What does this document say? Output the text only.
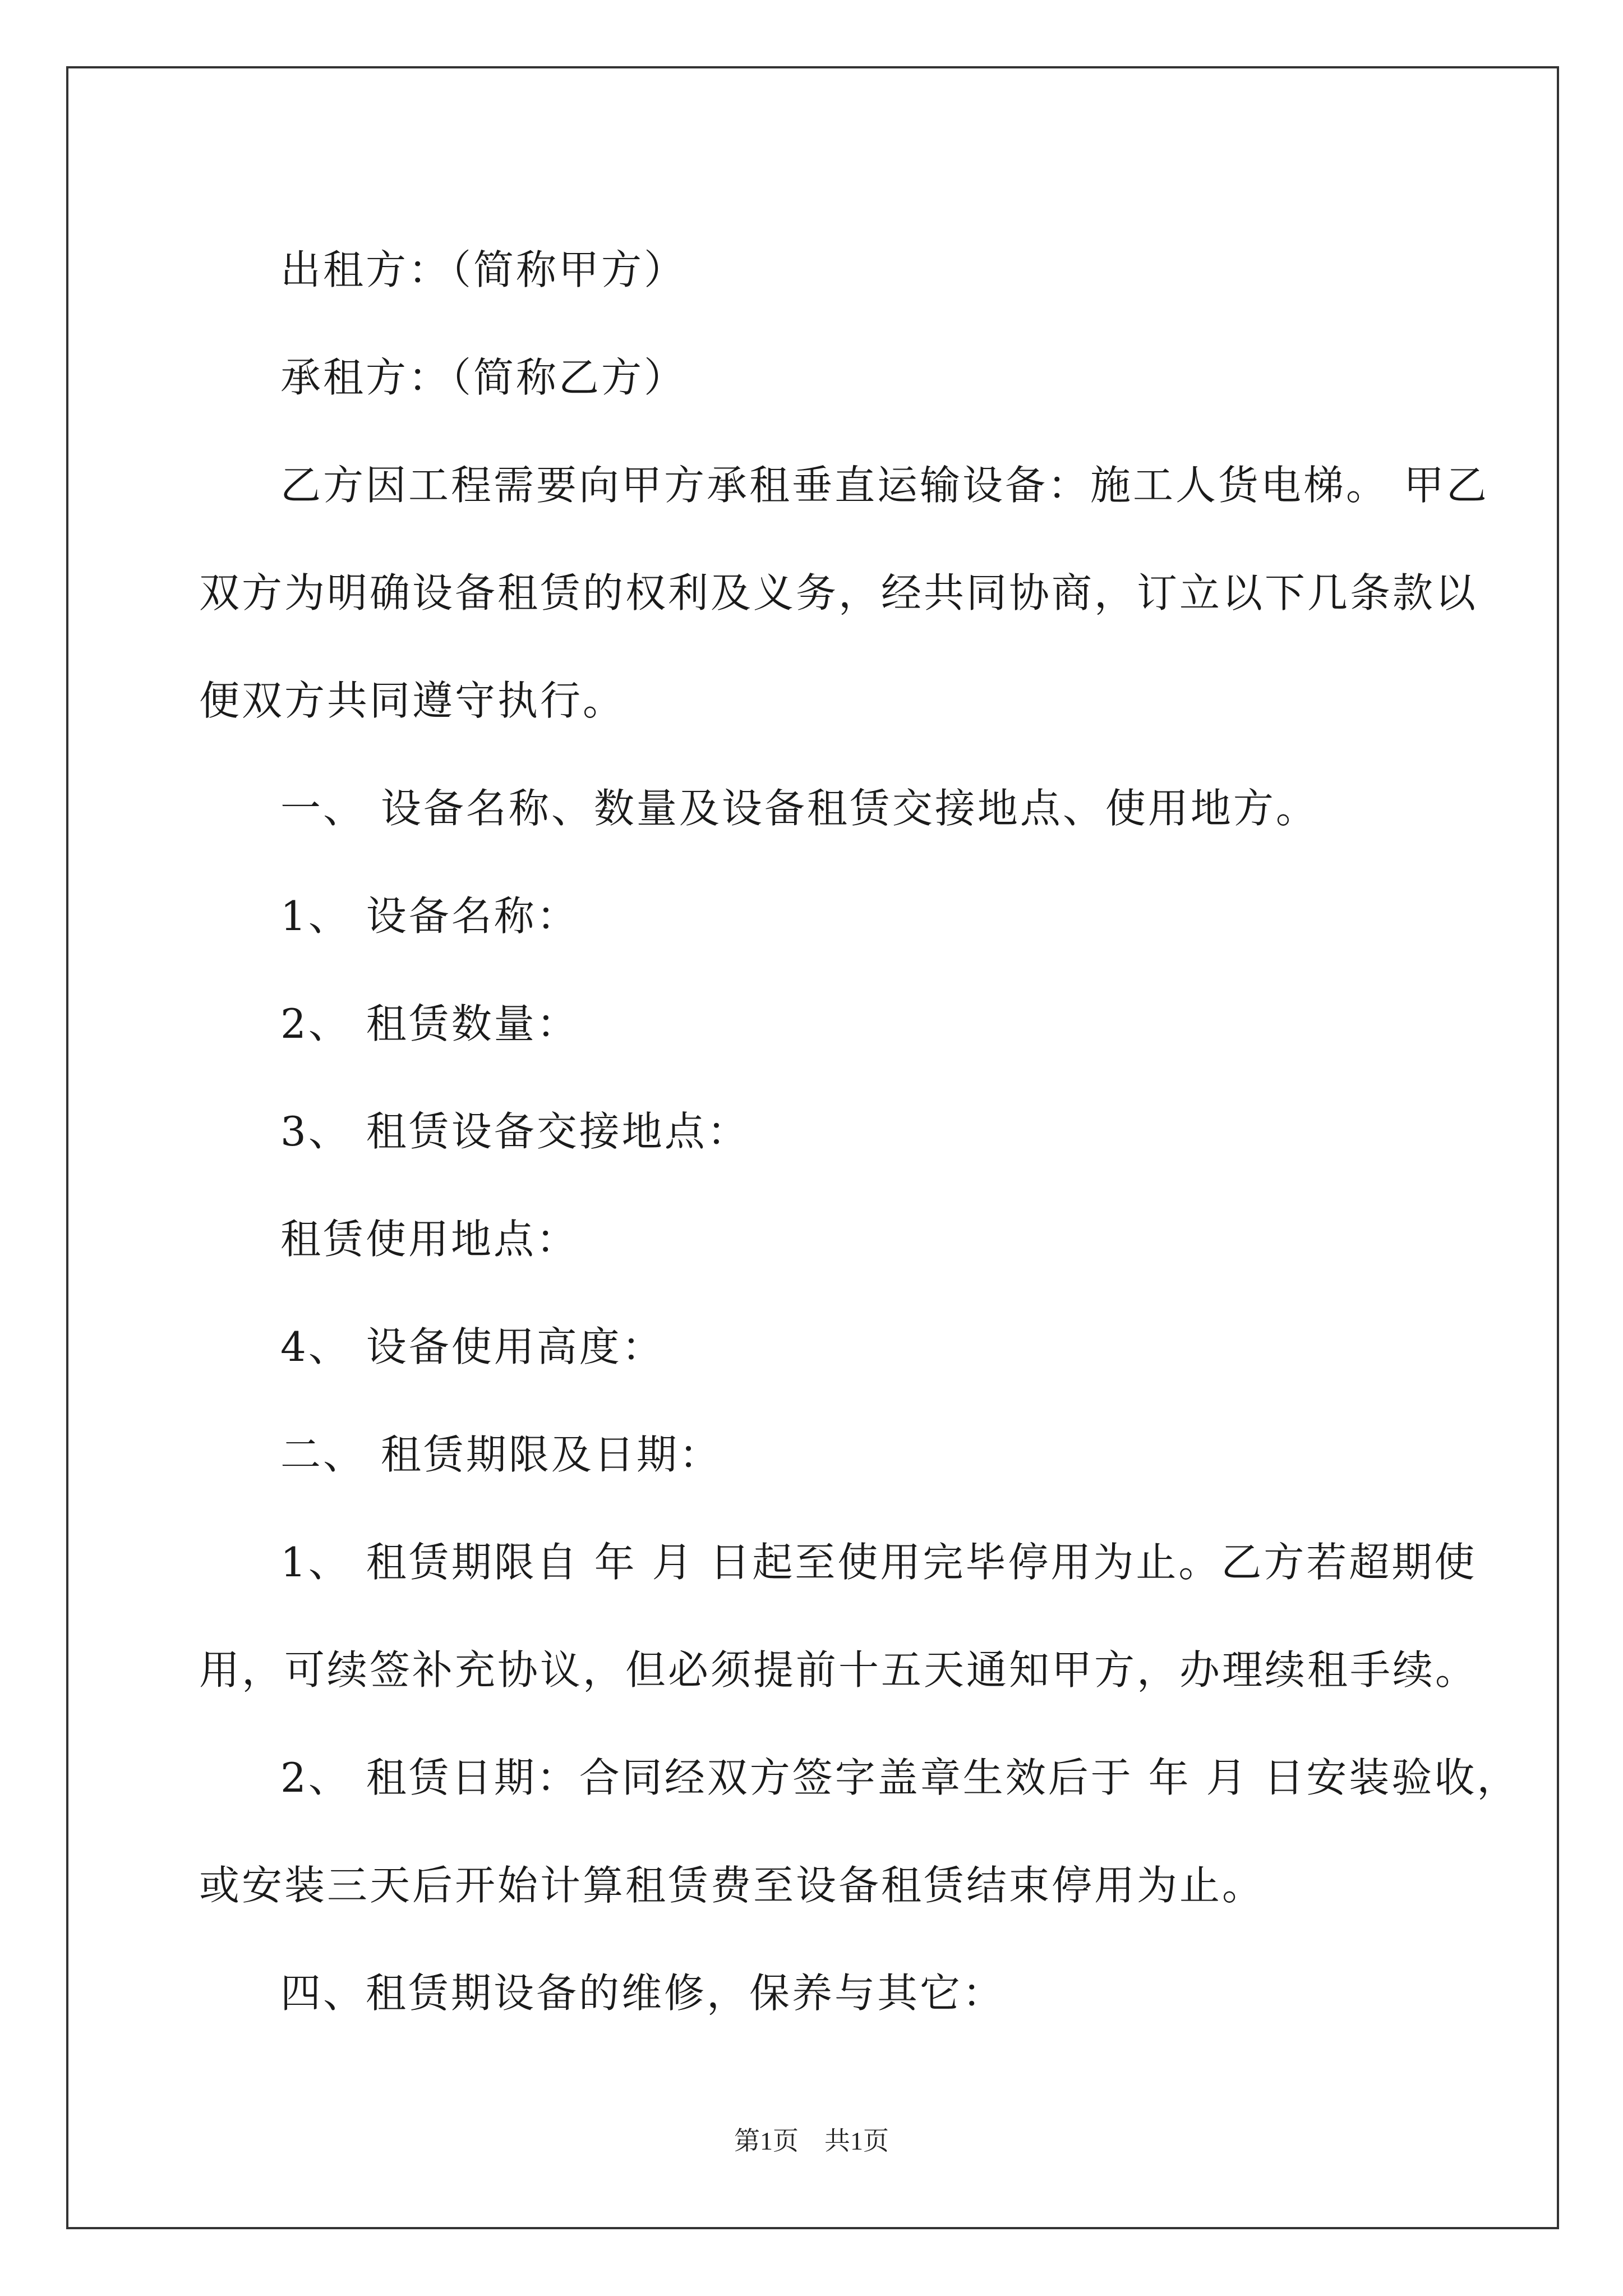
出租方：（简称甲方）

承租方：（简称乙方）

乙方因工程需要向甲方承租垂直运输设备：施工人货电梯。 甲乙

双方为明确设备租赁的权利及义务，经共同协商，订立以下几条款以

便双方共同遵守执行。

一、 设备名称、数量及设备租赁交接地点、使用地方。

1、 设备名称：

2、 租赁数量：

3、 租赁设备交接地点：

租赁使用地点：

4、 设备使用高度：

二、 租赁期限及日期：

1、 租赁期限自 年 月 日起至使用完毕停用为止。乙方若超期使

用，可续签补充协议，但必须提前十五天通知甲方，办理续租手续。

2、 租赁日期：合同经双方签字盖章生效后于 年 月 日安装验收，

或安装三天后开始计算租赁费至设备租赁结束停用为止。

四、租赁期设备的维修，保养与其它：

第1页　共1页
